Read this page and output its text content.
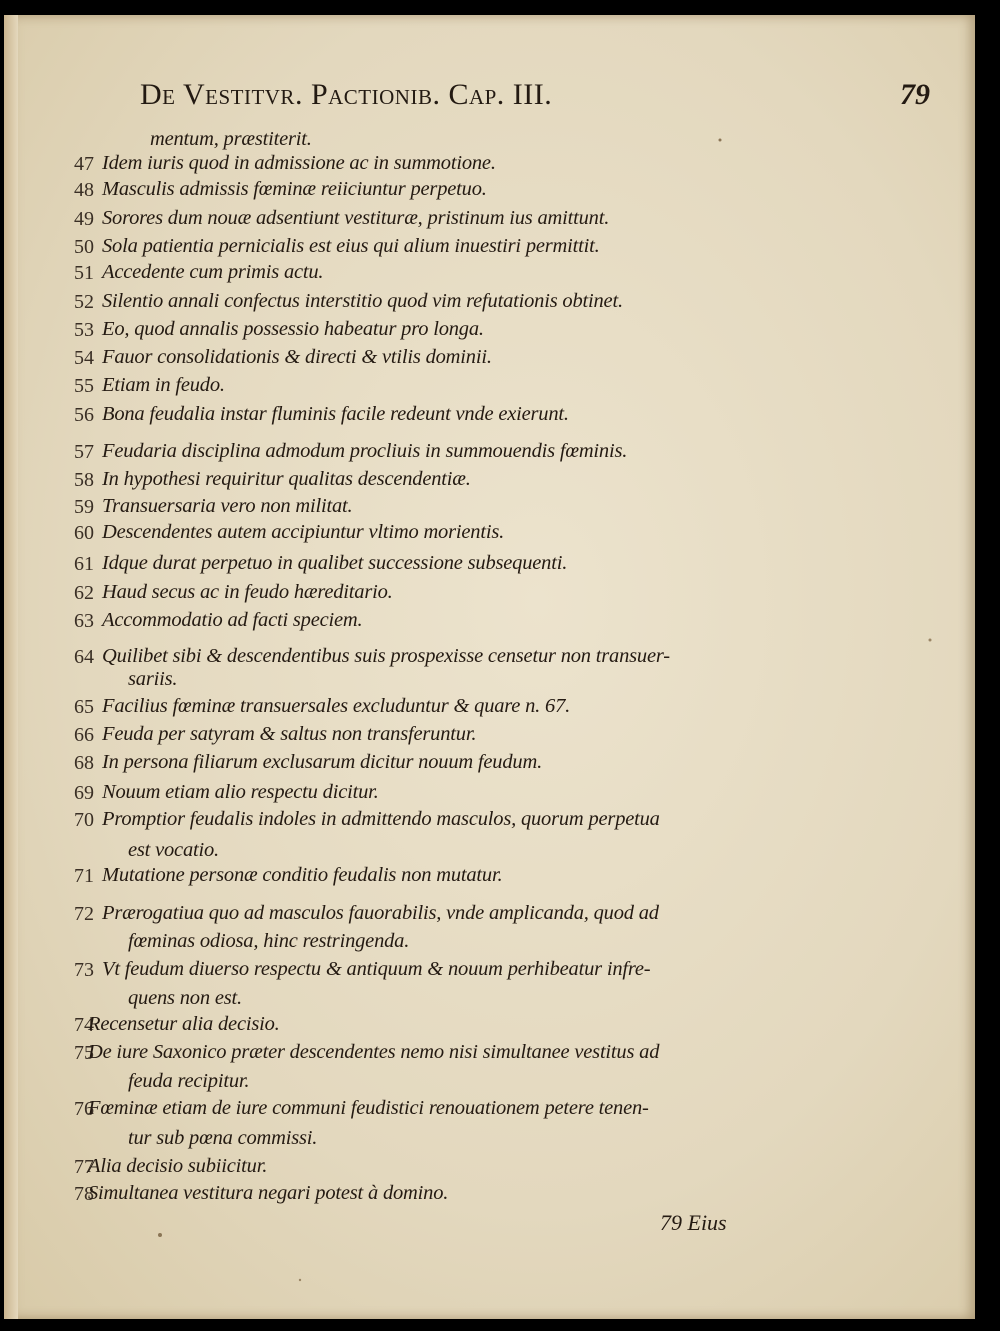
De Vestitvr. Pactionib. Cap. III.	79
mentum, præstiterit.
47 Idem iuris quod in admissione ac in summotione.
48 Masculis admissis fœminæ reiiciuntur perpetuo.
49 Sorores dum nouæ adsentiunt vestituræ, pristinum ius amittunt.
50 Sola patientia pernicialis est eius qui alium inuestiri permittit.
51 Accedente cum primis actu.
52 Silentio annali confectus interstitio quod vim refutationis obtinet.
53 Eo, quod annalis possessio habeatur pro longa.
54 Fauor consolidationis & directi & vtilis dominii.
55 Etiam in feudo.
56 Bona feudalia instar fluminis facile redeunt vnde exierunt.
57 Feudaria disciplina admodum procliuis in summouendis fœminis.
58 In hypothesi requiritur qualitas descendentiæ.
59 Transuersaria vero non militat.
60 Descendentes autem accipiuntur vltimo morientis.
61 Idque durat perpetuo in qualibet successione subsequenti.
62 Haud secus ac in feudo hæreditario.
63 Accommodatio ad facti speciem.
64 Quilibet sibi & descendentibus suis prospexisse censetur non transuer-
sariis.
65 Facilius fœminæ transuersales excluduntur & quare n. 67.
66 Feuda per satyram & saltus non transferuntur.
68 In persona filiarum exclusarum dicitur nouum feudum.
69 Nouum etiam alio respectu dicitur.
70 Promptior feudalis indoles in admittendo masculos, quorum perpetua
est vocatio.
71 Mutatione personæ conditio feudalis non mutatur.
72 Prærogatiua quo ad masculos fauorabilis, vnde amplicanda, quod ad
fœminas odiosa, hinc restringenda.
73 Vt feudum diuerso respectu & antiquum & nouum perhibeatur infre-
quens non est.
74
Recensetur alia decisio.
75
De iure Saxonico præter descendentes nemo nisi simultanee vestitus ad
feuda recipitur.
76
Fœminæ etiam de iure communi feudistici renouationem petere tenen-
tur sub pœna commissi.
77
Alia decisio subiicitur.
78
Simultanea vestitura negari potest à domino.
79 Eius
